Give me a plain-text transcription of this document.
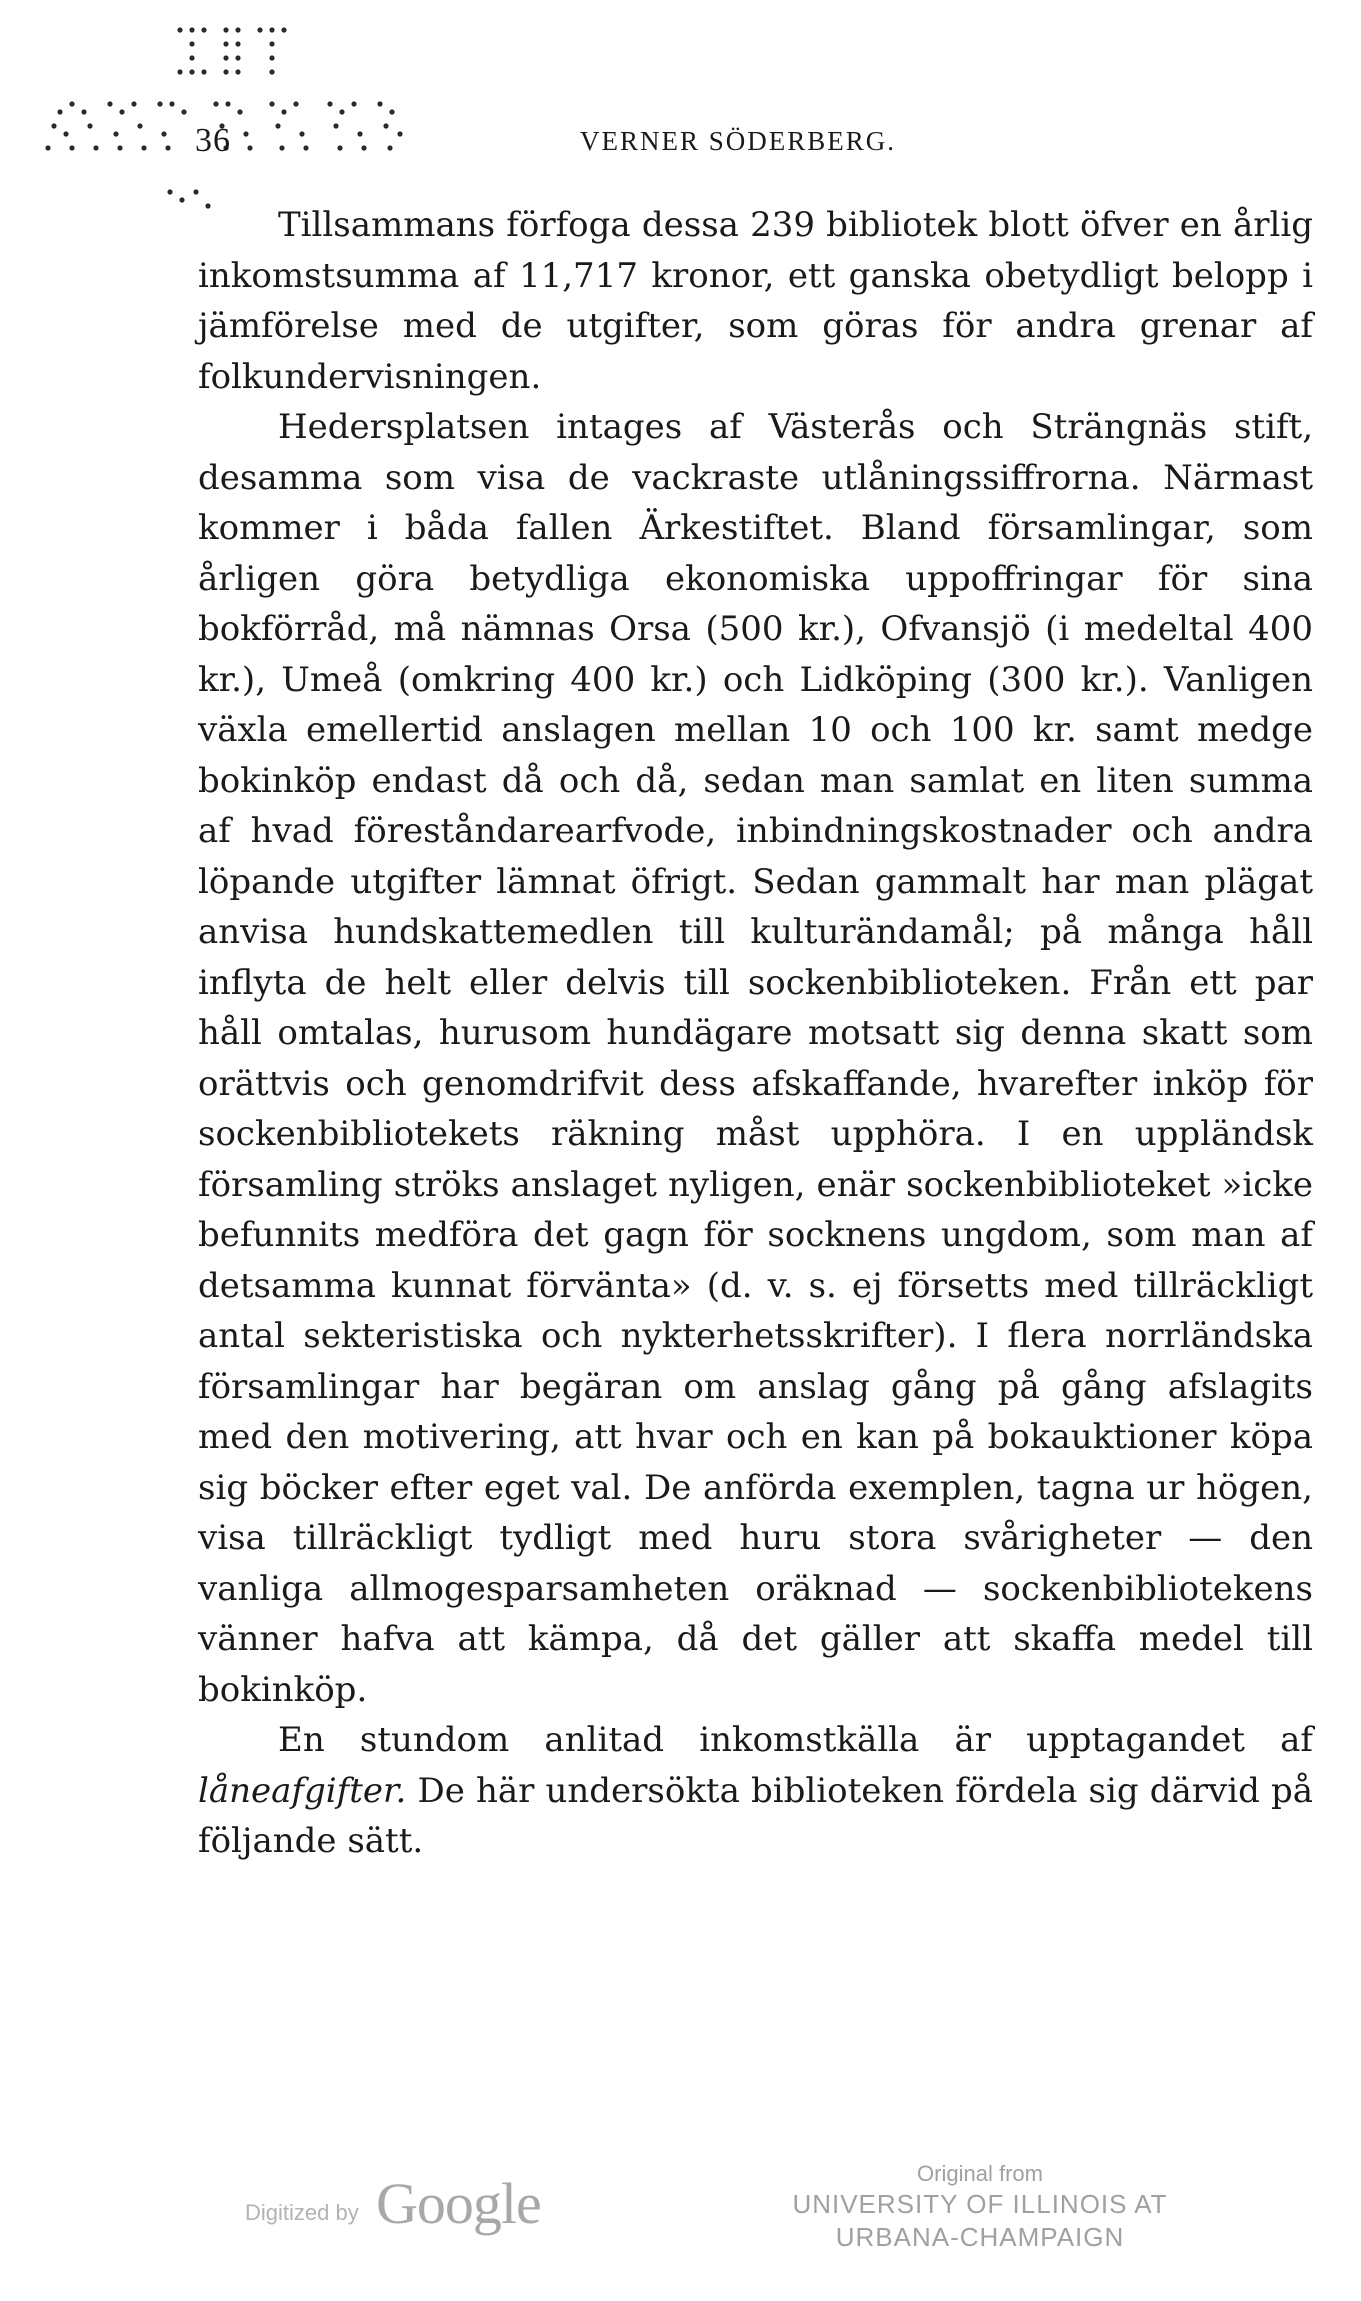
36	VERNER SÖDERBERG.

Tillsammans förfoga dessa 239 bibliotek blott öfver en årlig inkomstsumma af 11,717 kronor, ett ganska obetydligt belopp i jämförelse med de utgifter, som göras för andra grenar af folkundervisningen.

Hedersplatsen intages af Västerås och Strängnäs stift, desamma som visa de vackraste utlåningssiffrorna. Närmast kommer i båda fallen Ärkestiftet. Bland församlingar, som årligen göra betydliga ekonomiska uppoffringar för sina bokförråd, må nämnas Orsa (500 kr.), Ofvansjö (i medeltal 400 kr.), Umeå (omkring 400 kr.) och Lidköping (300 kr.). Vanligen växla emellertid anslagen mellan 10 och 100 kr. samt medge bokinköp endast då och då, sedan man samlat en liten summa af hvad föreståndarearfvode, inbindningskostnader och andra löpande utgifter lämnat öfrigt. Sedan gammalt har man plägat anvisa hundskattemedlen till kulturändamål; på många håll inflyta de helt eller delvis till sockenbiblioteken. Från ett par håll omtalas, hurusom hundägare motsatt sig denna skatt som orättvis och genomdrifvit dess afskaffande, hvarefter inköp för sockenbibliotekets räkning måst upphöra. I en uppländsk församling ströks anslaget nyligen, enär sockenbiblioteket »icke befunnits medföra det gagn för socknens ungdom, som man af detsamma kunnat förvänta» (d. v. s. ej försetts med tillräckligt antal sekteristiska och nykterhetsskrifter). I flera norrländska församlingar har begäran om anslag gång på gång afslagits med den motivering, att hvar och en kan på bokauktioner köpa sig böcker efter eget val. De anförda exemplen, tagna ur högen, visa tillräckligt tydligt med huru stora svårigheter — den vanliga allmogesparsamheten oräknad — sockenbibliotekens vänner hafva att kämpa, då det gäller att skaffa medel till bokinköp.

En stundom anlitad inkomstkälla är upptagandet af låneafgifter. De här undersökta biblioteken fördela sig därvid på följande sätt.

Digitized by Google	Original from
UNIVERSITY OF ILLINOIS AT
URBANA-CHAMPAIGN
